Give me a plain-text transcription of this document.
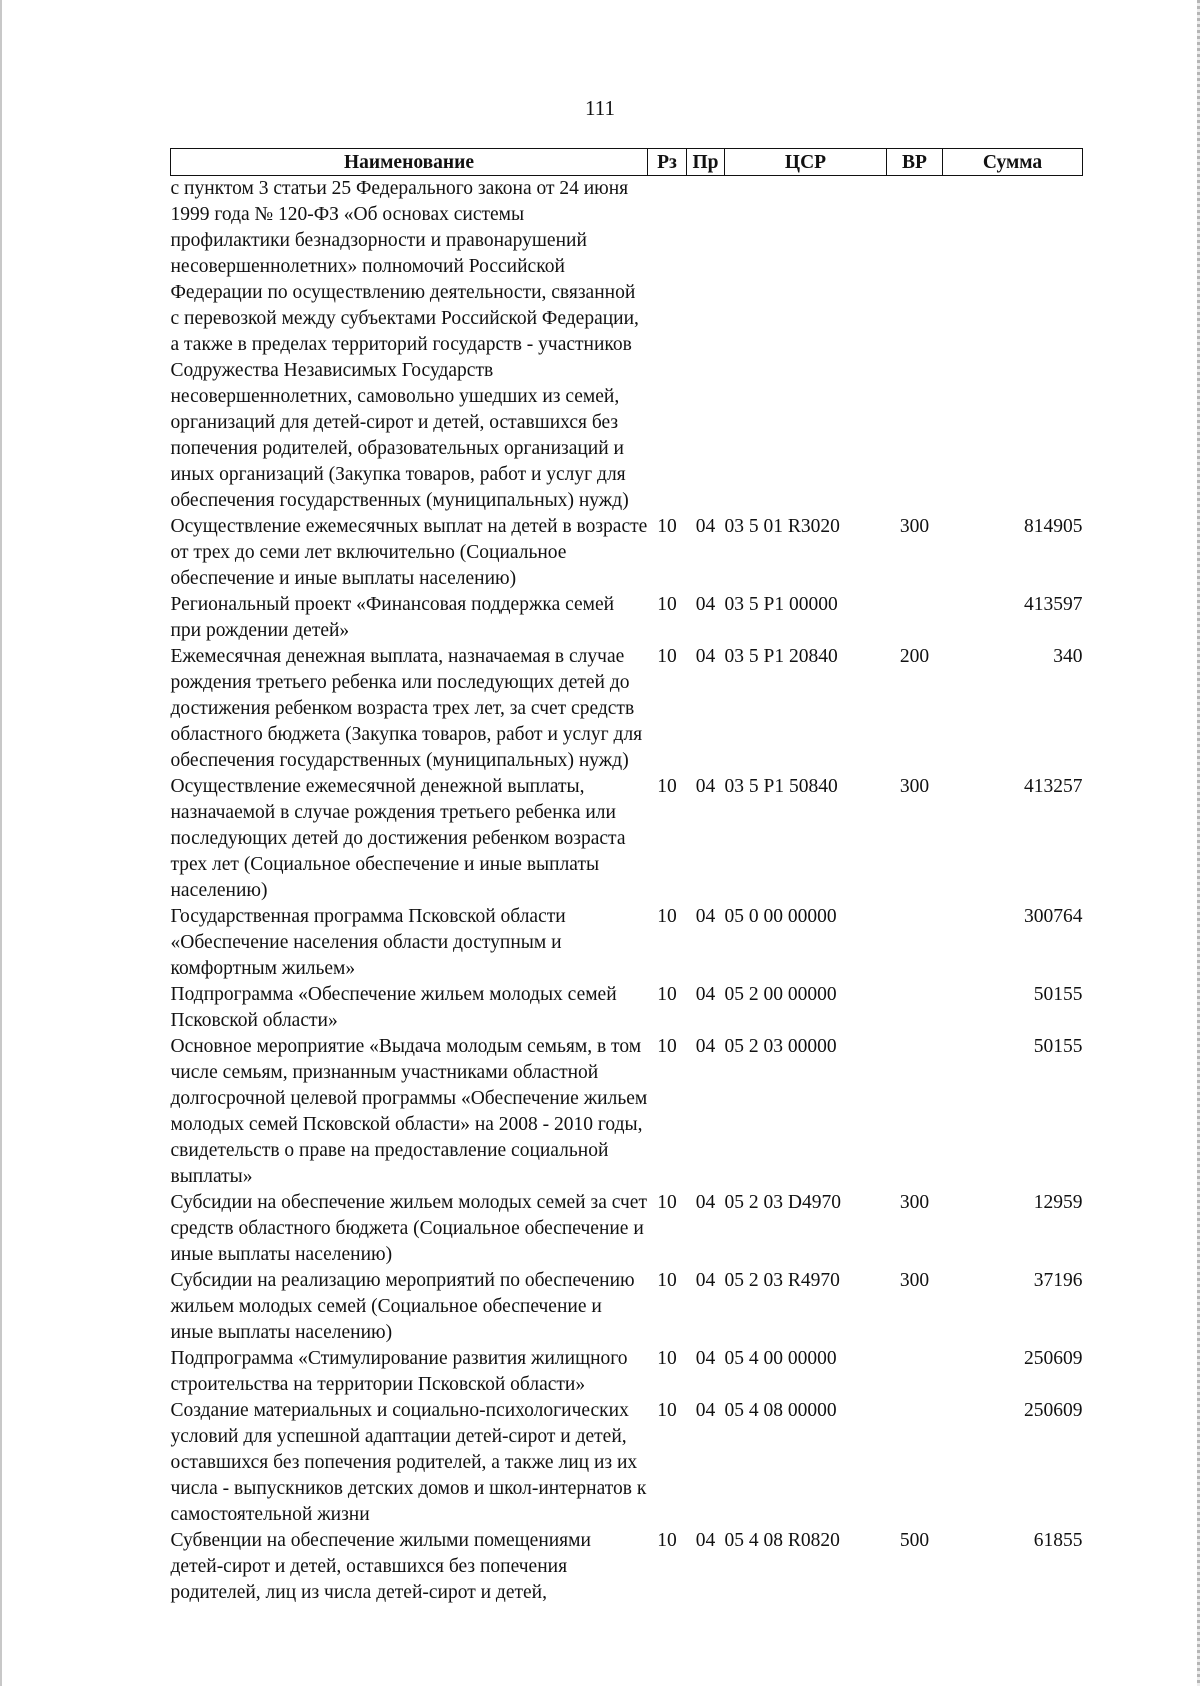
111
Наименование	Рз	Пр	ЦСР	ВР	Сумма
с пунктом 3 статьи 25 Федерального закона от 24 июня 1999 года № 120-ФЗ «Об основах системы профилактики безнадзорности и правонарушений несовершеннолетних» полномочий Российской Федерации по осуществлению деятельности, связанной с перевозкой между субъектами Российской Федерации, а также в пределах территорий государств - участников Содружества Независимых Государств несовершеннолетних, самовольно ушедших из семей, организаций для детей-сирот и детей, оставшихся без попечения родителей, образовательных организаций и иных организаций (Закупка товаров, работ и услуг для обеспечения государственных (муниципальных) нужд)					
Осуществление ежемесячных выплат на детей в возрасте от трех до семи лет включительно (Социальное обеспечение и иные выплаты населению)	10	04	03 5 01 R3020	300	814905
Региональный проект «Финансовая поддержка семей при рождении детей»	10	04	03 5 P1 00000		413597
Ежемесячная денежная выплата, назначаемая в случае рождения третьего ребенка или последующих детей до достижения ребенком возраста трех лет, за счет средств областного бюджета (Закупка товаров, работ и услуг для обеспечения государственных (муниципальных) нужд)	10	04	03 5 P1 20840	200	340
Осуществление ежемесячной денежной выплаты, назначаемой в случае рождения третьего ребенка или последующих детей до достижения ребенком возраста трех лет (Социальное обеспечение и иные выплаты населению)	10	04	03 5 P1 50840	300	413257
Государственная программа Псковской области «Обеспечение населения области доступным и комфортным жильем»	10	04	05 0 00 00000		300764
Подпрограмма «Обеспечение жильем молодых семей Псковской области»	10	04	05 2 00 00000		50155
Основное мероприятие «Выдача молодым семьям, в том числе семьям, признанным участниками областной долгосрочной целевой программы «Обеспечение жильем молодых семей Псковской области» на 2008 - 2010 годы, свидетельств о праве на предоставление социальной выплаты»	10	04	05 2 03 00000		50155
Субсидии на обеспечение жильем молодых семей за счет средств областного бюджета (Социальное обеспечение и иные выплаты населению)	10	04	05 2 03 D4970	300	12959
Субсидии на реализацию мероприятий по обеспечению жильем молодых семей (Социальное обеспечение и иные выплаты населению)	10	04	05 2 03 R4970	300	37196
Подпрограмма «Стимулирование развития жилищного строительства на территории Псковской области»	10	04	05 4 00 00000		250609
Создание материальных и социально-психологических условий для успешной адаптации детей-сирот и детей, оставшихся без попечения родителей, а также лиц из их числа - выпускников детских домов и школ-интернатов к самостоятельной жизни	10	04	05 4 08 00000		250609
Субвенции на обеспечение жилыми помещениями детей-сирот и детей, оставшихся без попечения родителей, лиц из числа детей-сирот и детей,	10	04	05 4 08 R0820	500	61855
